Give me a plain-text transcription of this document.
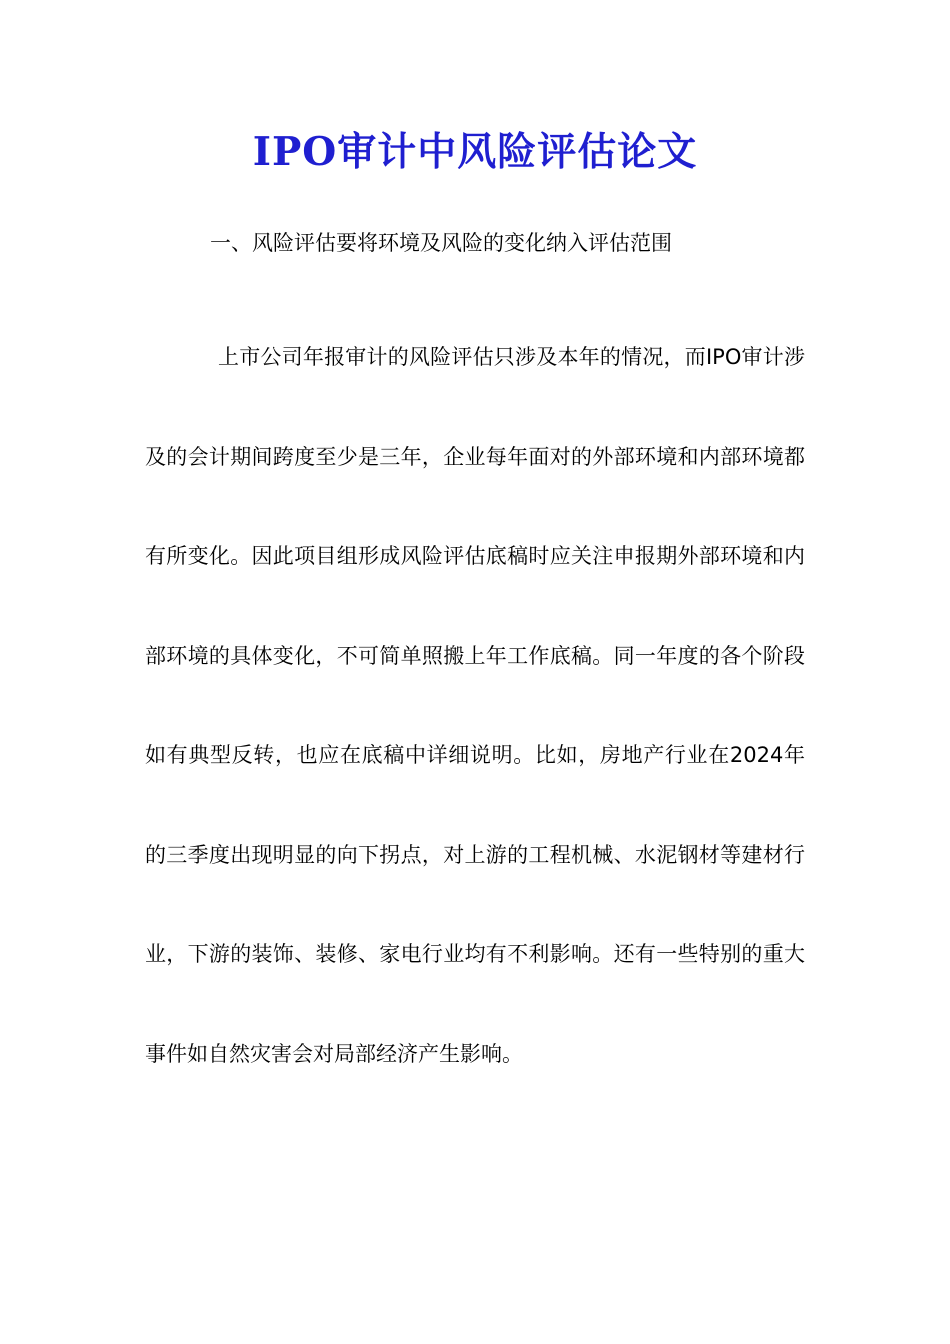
IPO审计中风险评估论文

一、风险评估要将环境及风险的变化纳入评估范围

上市公司年报审计的风险评估只涉及本年的情况，而IPO审计涉及的会计期间跨度至少是三年，企业每年面对的外部环境和内部环境都有所变化。因此项目组形成风险评估底稿时应关注申报期外部环境和内部环境的具体变化，不可简单照搬上年工作底稿。同一年度的各个阶段如有典型反转，也应在底稿中详细说明。比如，房地产行业在2024年的三季度出现明显的向下拐点，对上游的工程机械、水泥钢材等建材行业，下游的装饰、装修、家电行业均有不利影响。还有一些特别的重大事件如自然灾害会对局部经济产生影响。
